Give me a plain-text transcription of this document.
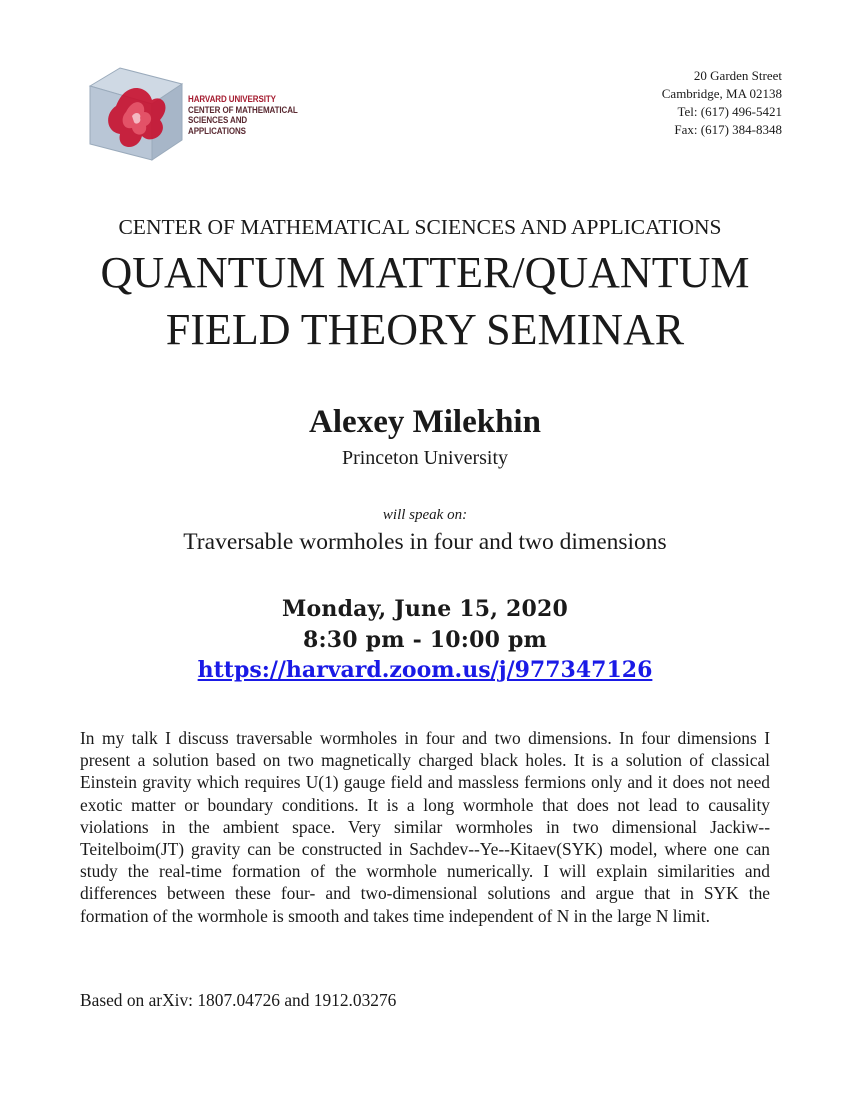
HARVARD UNIVERSITY
CENTER OF MATHEMATICAL
SCIENCES AND APPLICATIONS
20 Garden Street
Cambridge, MA 02138
Tel: (617) 496-5421
Fax: (617) 384-8348
CENTER OF MATHEMATICAL SCIENCES AND APPLICATIONS
QUANTUM MATTER/QUANTUM
FIELD THEORY SEMINAR
Alexey Milekhin
Princeton University
will speak on:
Traversable wormholes in four and two dimensions
Monday, June 15, 2020
8:30 pm - 10:00 pm
https://harvard.zoom.us/j/977347126

In my talk I discuss traversable wormholes in four and two dimensions. In four dimensions I present a solution based on two magnetically charged black holes. It is a solution of classical Einstein gravity which requires U(1) gauge field and massless fermions only and it does not need exotic matter or boundary conditions. It is a long wormhole that does not lead to causality violations in the ambient space. Very similar wormholes in two dimensional Jackiw--Teitelboim(JT) gravity can be constructed in Sachdev--Ye--Kitaev(SYK) model, where one can study the real-time formation of the wormhole numerically. I will explain similarities and differences between these four- and two-dimensional solutions and argue that in SYK the formation of the wormhole is smooth and takes time independent of N in the large N limit.

Based on arXiv: 1807.04726 and 1912.03276
